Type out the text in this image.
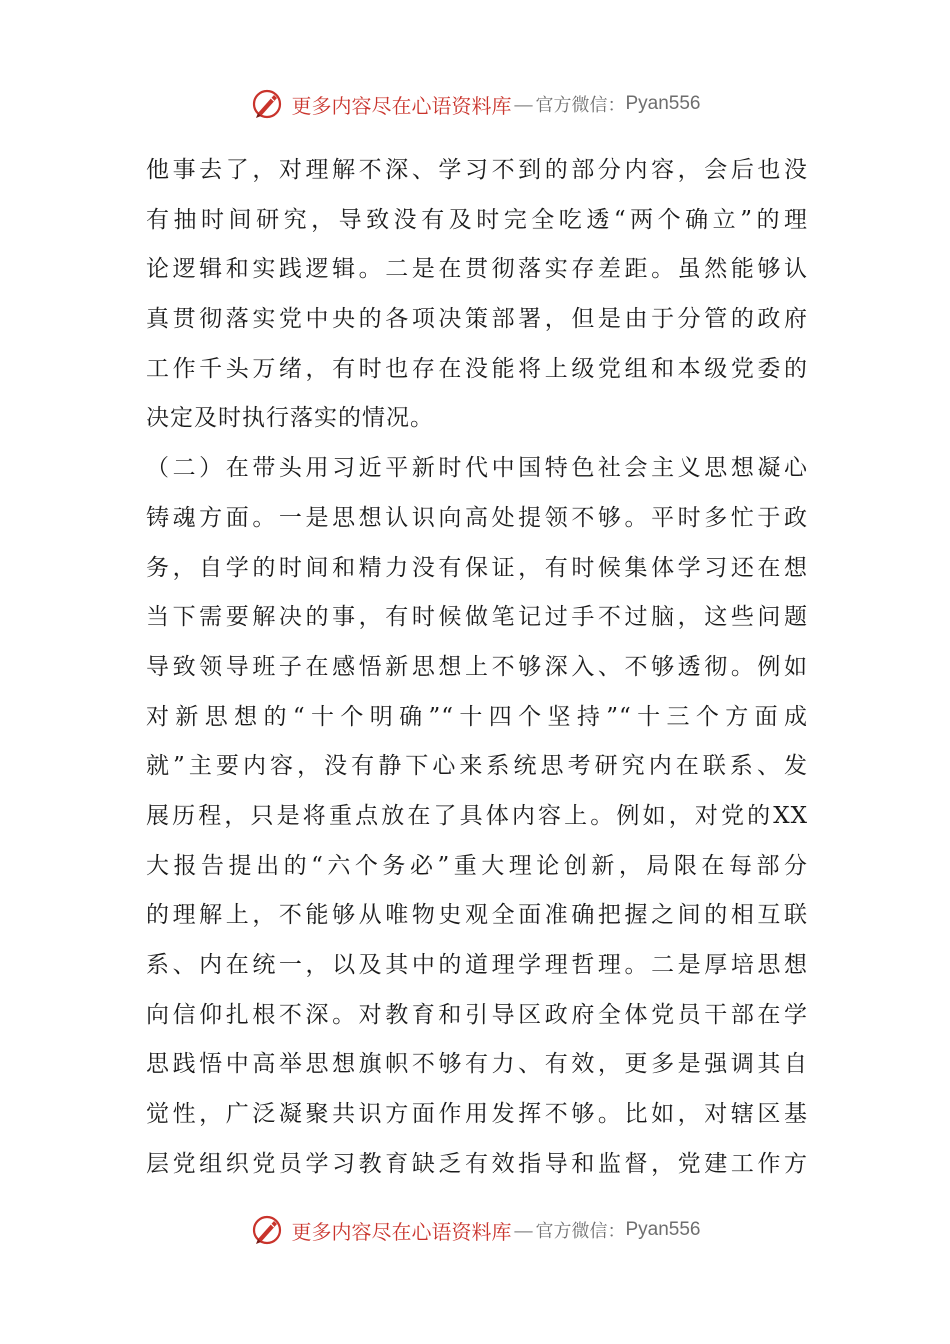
更多内容尽在心语资料库 — 官方微信： Pyan556
他事去了，对理解不深、学习不到的部分内容，会后也没
有抽时间研究，导致没有及时完全吃透“两个确立”的理
论逻辑和实践逻辑。二是在贯彻落实存差距。虽然能够认
真贯彻落实党中央的各项决策部署，但是由于分管的政府
工作千头万绪，有时也存在没能将上级党组和本级党委的
决定及时执行落实的情况。
（二）在带头用习近平新时代中国特色社会主义思想凝心
铸魂方面。一是思想认识向高处提领不够。平时多忙于政
务，自学的时间和精力没有保证，有时候集体学习还在想
当下需要解决的事，有时候做笔记过手不过脑，这些问题
导致领导班子在感悟新思想上不够深入、不够透彻。例如
对新思想的“十个明确”“十四个坚持”“十三个方面成
就”主要内容，没有静下心来系统思考研究内在联系、发
展历程，只是将重点放在了具体内容上。例如，对党的XX
大报告提出的“六个务必”重大理论创新，局限在每部分
的理解上，不能够从唯物史观全面准确把握之间的相互联
系、内在统一，以及其中的道理学理哲理。二是厚培思想
向信仰扎根不深。对教育和引导区政府全体党员干部在学
思践悟中高举思想旗帜不够有力、有效，更多是强调其自
觉性，广泛凝聚共识方面作用发挥不够。比如，对辖区基
层党组织党员学习教育缺乏有效指导和监督，党建工作方
更多内容尽在心语资料库 — 官方微信： Pyan556
